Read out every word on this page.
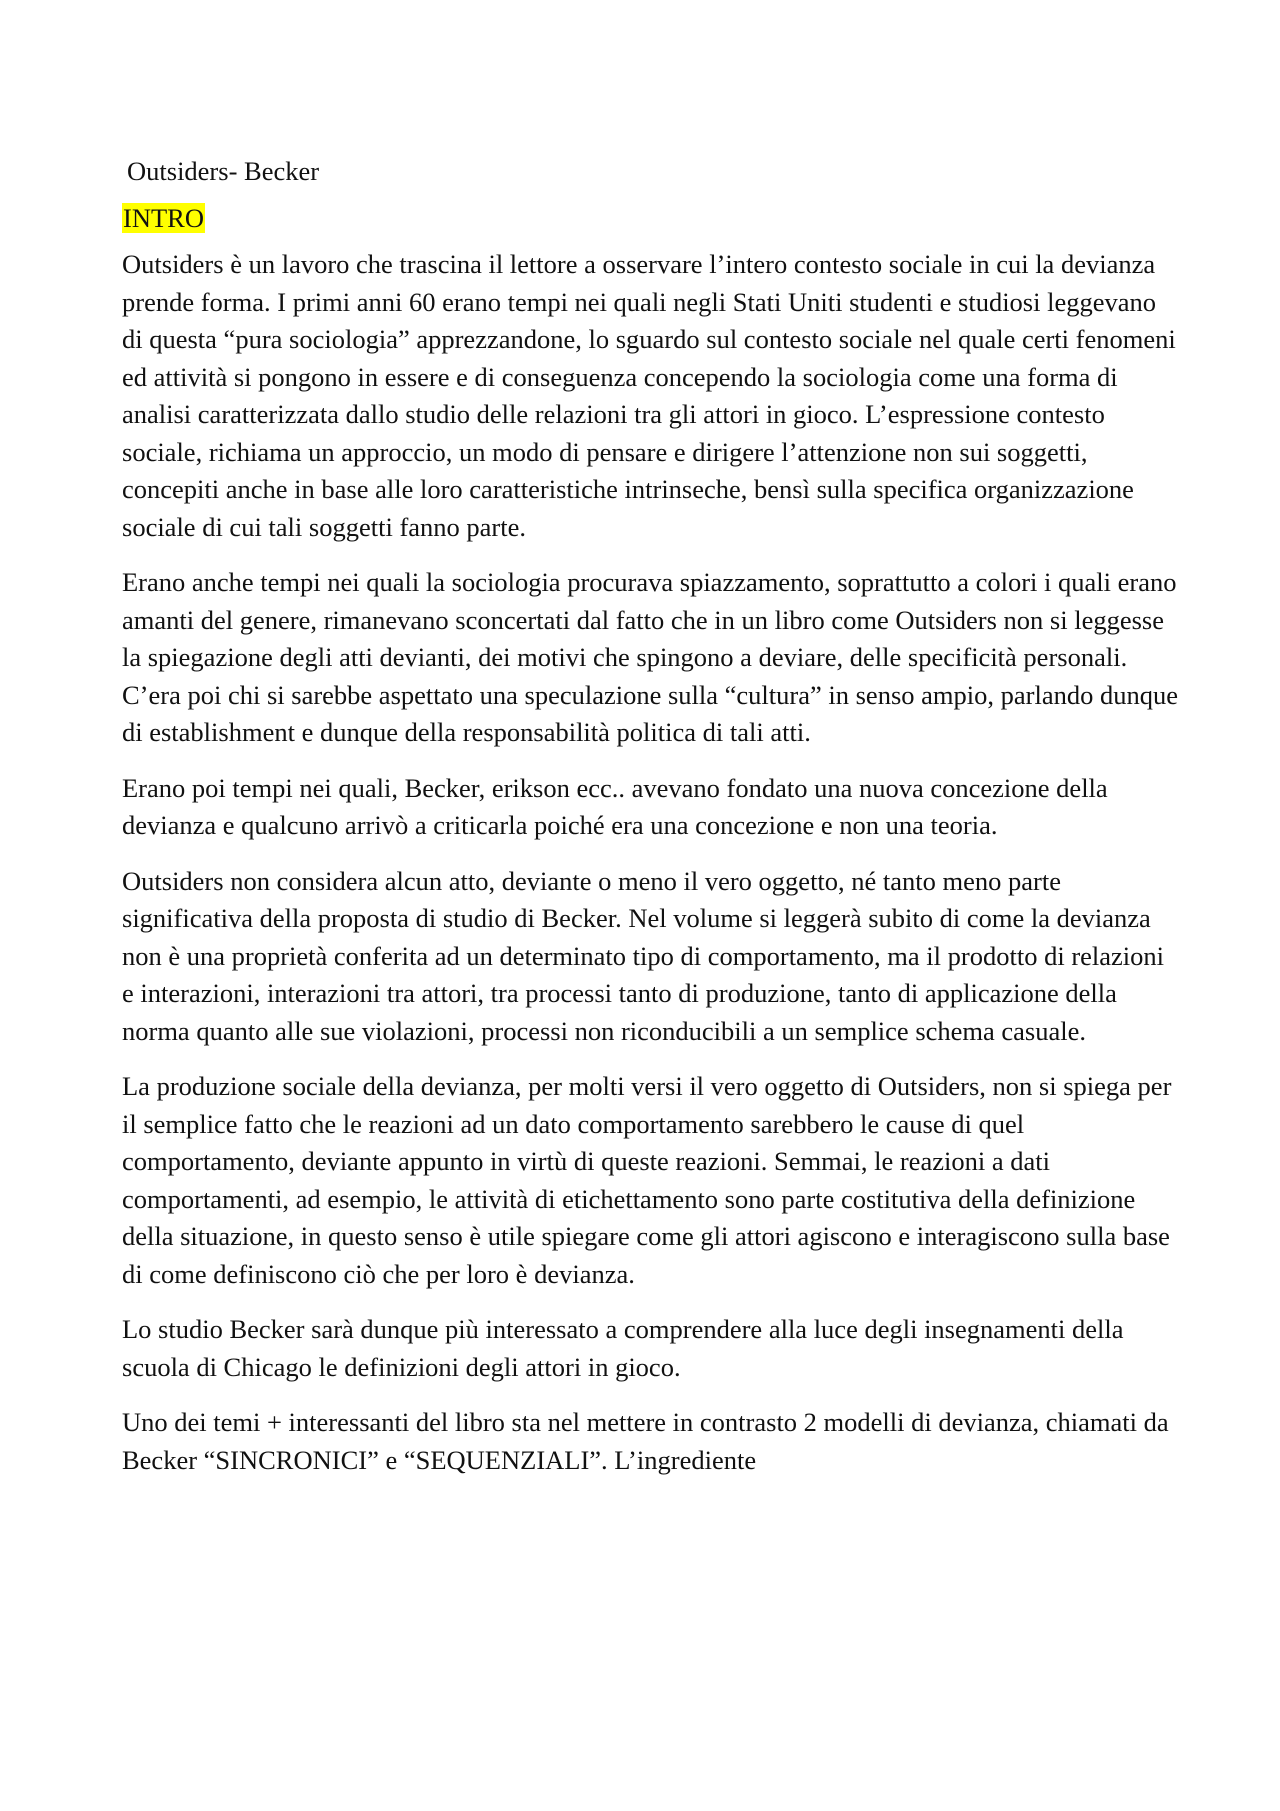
Outsiders- Becker
INTRO

Outsiders è un lavoro che trascina il lettore a osservare l’intero contesto sociale in cui la devianza prende forma. I primi anni 60 erano tempi nei quali negli Stati Uniti studenti e studiosi leggevano di questa “pura sociologia” apprezzandone, lo sguardo sul contesto sociale nel quale certi fenomeni ed attività si pongono in essere e di conseguenza concependo la sociologia come una forma di analisi caratterizzata dallo studio delle relazioni tra gli attori in gioco. L’espressione contesto sociale, richiama un approccio, un modo di pensare e dirigere l’attenzione non sui soggetti, concepiti anche in base alle loro caratteristiche intrinseche, bensì sulla specifica organizzazione sociale di cui tali soggetti fanno parte.

Erano anche tempi nei quali la sociologia procurava spiazzamento, soprattutto a colori i quali erano amanti del genere, rimanevano sconcertati dal fatto che in un libro come Outsiders non si leggesse la spiegazione degli atti devianti, dei motivi che spingono a deviare, delle specificità personali. C’era poi chi si sarebbe aspettato una speculazione sulla “cultura” in senso ampio, parlando dunque di establishment e dunque della responsabilità politica di tali atti.

Erano poi tempi nei quali, Becker, erikson ecc.. avevano fondato una nuova concezione della devianza e qualcuno arrivò a criticarla poiché era una concezione e non una teoria.

Outsiders non considera alcun atto, deviante o meno il vero oggetto, né tanto meno parte significativa della proposta di studio di Becker. Nel volume si leggerà subito di come la devianza non è una proprietà conferita ad un determinato tipo di comportamento, ma il prodotto di relazioni e interazioni, interazioni tra attori, tra processi tanto di produzione, tanto di applicazione della norma quanto alle sue violazioni, processi non riconducibili a un semplice schema casuale.

La produzione sociale della devianza, per molti versi il vero oggetto di Outsiders, non si spiega per il semplice fatto che le reazioni ad un dato comportamento sarebbero le cause di quel comportamento, deviante appunto in virtù di queste reazioni. Semmai, le reazioni a dati comportamenti, ad esempio, le attività di etichettamento sono parte costitutiva della definizione della situazione, in questo senso è utile spiegare come gli attori agiscono e interagiscono sulla base di come definiscono ciò che per loro è devianza.

Lo studio Becker sarà dunque più interessato a comprendere alla luce degli insegnamenti della scuola di Chicago le definizioni degli attori in gioco.

Uno dei temi + interessanti del libro sta nel mettere in contrasto 2 modelli di devianza, chiamati da Becker “SINCRONICI” e “SEQUENZIALI”. L’ingrediente
